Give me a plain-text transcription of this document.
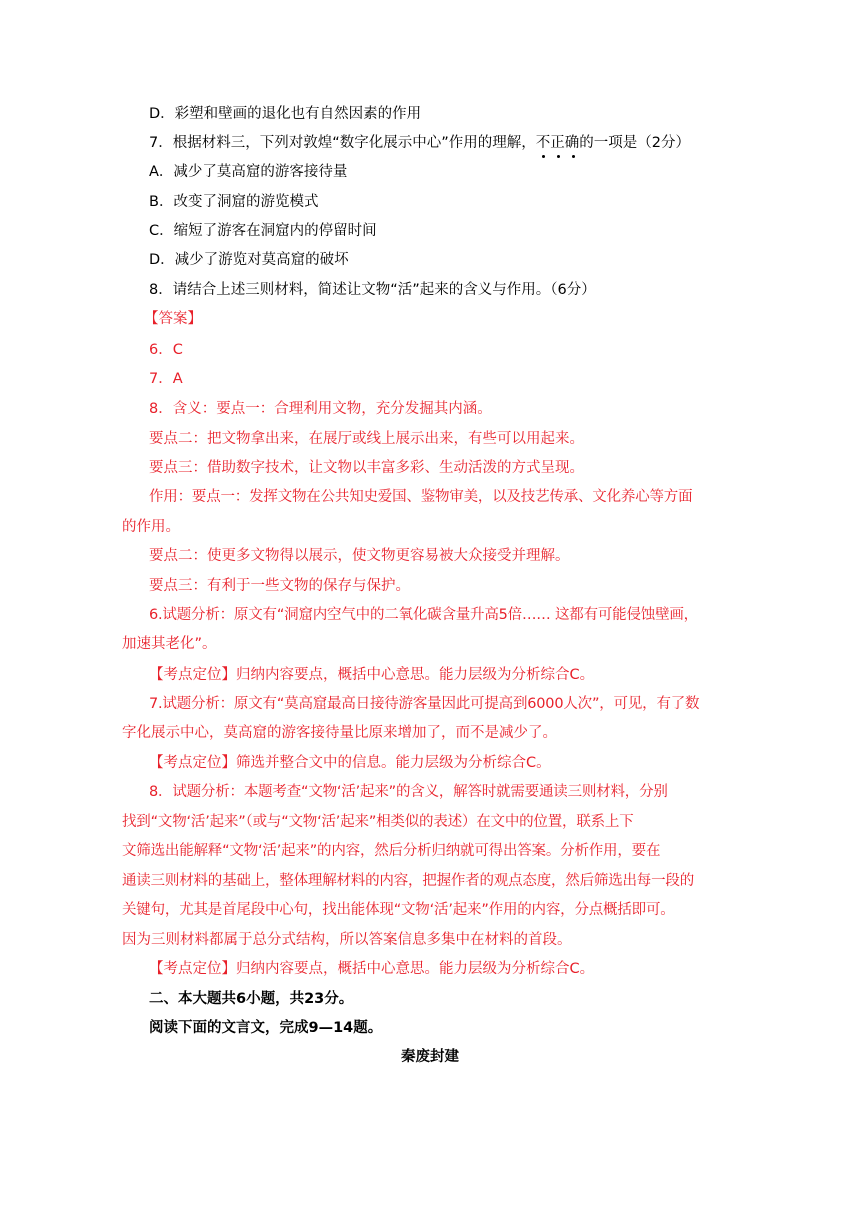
D．彩塑和壁画的退化也有自然因素的作用
7．根据材料三，下列对敦煌“数字化展示中心”作用的理解，不正确
的一项是（2分）
A．减少了莫高窟的游客接待量
B．改变了洞窟的游览模式
C．缩短了游客在洞窟内的停留时间
D．减少了游览对莫高窟的破坏
8．请结合上述三则材料，简述让文物“活”起来的含义与作用。（6分）
【答案】
6．C
7．A
8．含义：要点一：合理利用文物，充分发掘其内涵。
要点二：把文物拿出来，在展厅或线上展示出来，有些可以用起来。
要点三：借助数字技术，让文物以丰富多彩、生动活泼的方式呈现。
作用：要点一：发挥文物在公共知史爱国、鉴物审美，以及技艺传承、文化养心等方面
的作用。
要点二：使更多文物得以展示，使文物更容易被大众接受并理解。
要点三：有利于一些文物的保存与保护。
6.试题分析：原文有“洞窟内空气中的二氧化碳含量升高5倍…… 这都有可能侵蚀壁画，
加速其老化”。
【考点定位】归纳内容要点，概括中心意思。能力层级为分析综合C。
7.试题分析：原文有“莫高窟最高日接待游客量因此可提高到6000人次”，可见，有了数
字化展示中心，莫高窟的游客接待量比原来增加了，而不是减少了。
【考点定位】筛选并整合文中的信息。能力层级为分析综合C。
8．试题分析：本题考查“文物‘活’起来”的含义，解答时就需要通读三则材料，分别
找到“文物‘活’起来”（或与“文物‘活’起来”相类似的表述）在文中的位置，联系上下
文筛选出能解释“文物‘活’起来”的内容，然后分析归纳就可得出答案。分析作用，要在
通读三则材料的基础上，整体理解材料的内容，把握作者的观点态度，然后筛选出每一段的
关键句，尤其是首尾段中心句，找出能体现“文物‘活’起来”作用的内容，分点概括即可。
因为三则材料都属于总分式结构，所以答案信息多集中在材料的首段。
【考点定位】归纳内容要点，概括中心意思。能力层级为分析综合C。
二、本大题共6小题，共23分。
阅读下面的文言文，完成9—14题。
秦废封建
